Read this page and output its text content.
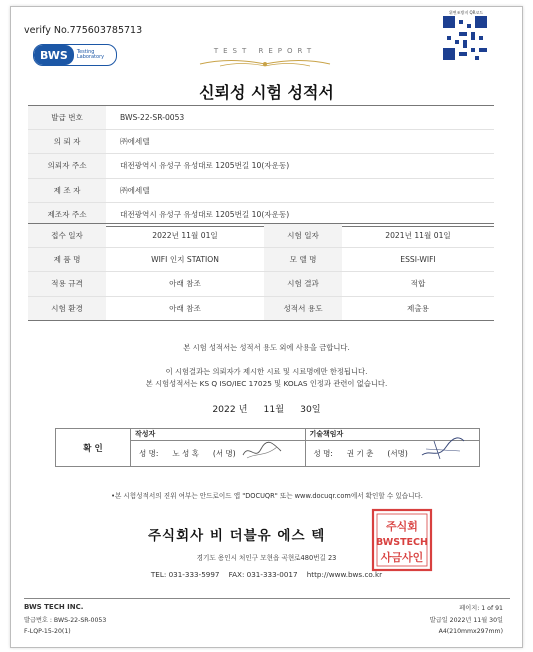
verify No.775603785713
BWS	Testing
Laboratory
TEST REPORT
위변조방지 QR코드
신뢰성 시험 성적서
발급 번호	BWS-22-SR-0053
의 뢰 자	㈜에세텔
의뢰자 주소	대전광역시 유성구 유성대로 1205번길 10(자운동)
제 조 자	㈜에세텔
제조자 주소	대전광역시 유성구 유성대로 1205번길 10(자운동)
접수 일자	2022년 11월 01일	시험 일자	2021년 11월 01일
제 품 명	WIFI 인지 STATION	모 델 명	ESSI-WIFI
적용 규격	아래 참조	시험 결과	적합
시험 환경	아래 참조	성적서 용도	제출용
본 시험 성적서는 성적서 용도 외에 사용을 금합니다.
이 시험결과는 의뢰자가 제시한 시료 및 시료명에만 한정됩니다.
본 시험성적서는 KS Q ISO/IEC 17025 및 KOLAS 인정과 관련이 없습니다.
2022 년 11월 30일
확 인
작성자
성 명: 노 성 혹 (서 명)
기술책임자
성 명: 권 기 춘 (서명)
•본 시험성적서의 진위 여부는 안드로이드 앱 "DOCUQR" 또는 www.docuqr.com에서 확인할 수 있습니다.
주식회사 비 더블유 에스 텍
주식회
BWSTECH
사금사인
경기도 용인시 처인구 모현읍 곡현로480번길 23
TEL: 031-333-5997 FAX: 031-333-0017 http://www.bws.co.kr
BWS TECH INC.
발급번호 : BWS-22-SR-0053
F-LQP-15-20(1)
페이지: 1 of 91
발급일 2022년 11월 30일
A4(210mmx297mm)
